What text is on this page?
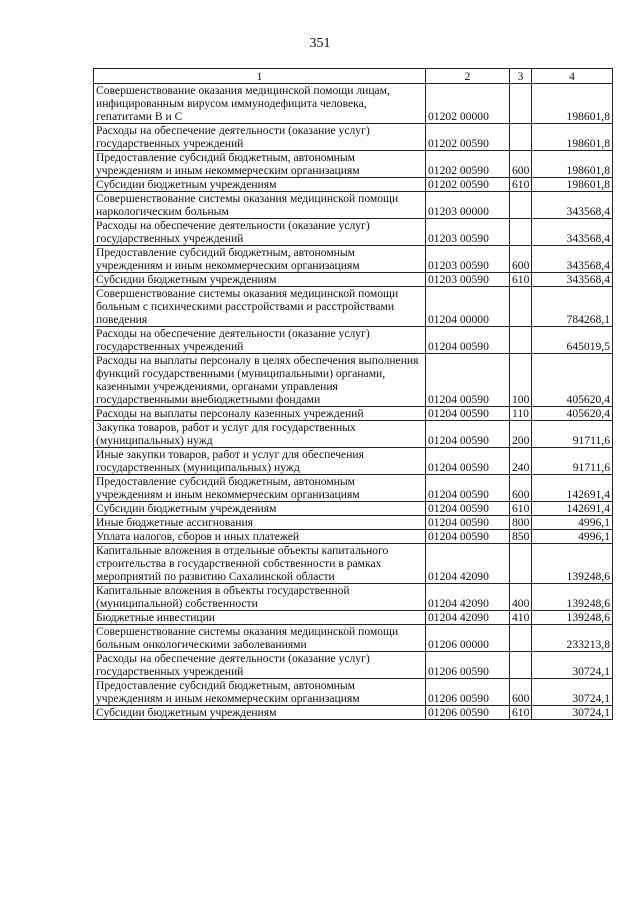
351
1	2	3	4
Совершенствование оказания медицинской помощи лицам, инфицированным вирусом иммунодефицита человека, гепатитами В и С	01202 00000		198601,8
Расходы на обеспечение деятельности (оказание услуг) государственных учреждений	01202 00590		198601,8
Предоставление субсидий бюджетным, автономным учреждениям и иным некоммерческим организациям	01202 00590	600	198601,8
Субсидии бюджетным учреждениям	01202 00590	610	198601,8
Совершенствование системы оказания медицинской помощи наркологическим больным	01203 00000		343568,4
Расходы на обеспечение деятельности (оказание услуг) государственных учреждений	01203 00590		343568,4
Предоставление субсидий бюджетным, автономным учреждениям и иным некоммерческим организациям	01203 00590	600	343568,4
Субсидии бюджетным учреждениям	01203 00590	610	343568,4
Совершенствование системы оказания медицинской помощи больным с психическими расстройствами и расстройствами поведения	01204 00000		784268,1
Расходы на обеспечение деятельности (оказание услуг) государственных учреждений	01204 00590		645019,5
Расходы на выплаты персоналу в целях обеспечения выполнения функций государственными (муниципальными) органами, казенными учреждениями, органами управления государственными внебюджетными фондами	01204 00590	100	405620,4
Расходы на выплаты персоналу казенных учреждений	01204 00590	110	405620,4
Закупка товаров, работ и услуг для государственных (муниципальных) нужд	01204 00590	200	91711,6
Иные закупки товаров, работ и услуг для обеспечения государственных (муниципальных) нужд	01204 00590	240	91711,6
Предоставление субсидий бюджетным, автономным учреждениям и иным некоммерческим организациям	01204 00590	600	142691,4
Субсидии бюджетным учреждениям	01204 00590	610	142691,4
Иные бюджетные ассигнования	01204 00590	800	4996,1
Уплата налогов, сборов и иных платежей	01204 00590	850	4996,1
Капитальные вложения в отдельные объекты капитального строительства в государственной собственности в рамках мероприятий по развитию Сахалинской области	01204 42090		139248,6
Капитальные вложения в объекты государственной (муниципальной) собственности	01204 42090	400	139248,6
Бюджетные инвестиции	01204 42090	410	139248,6
Совершенствование системы оказания медицинской помощи больным онкологическими заболеваниями	01206 00000		233213,8
Расходы на обеспечение деятельности (оказание услуг) государственных учреждений	01206 00590		30724,1
Предоставление субсидий бюджетным, автономным учреждениям и иным некоммерческим организациям	01206 00590	600	30724,1
Субсидии бюджетным учреждениям	01206 00590	610	30724,1
